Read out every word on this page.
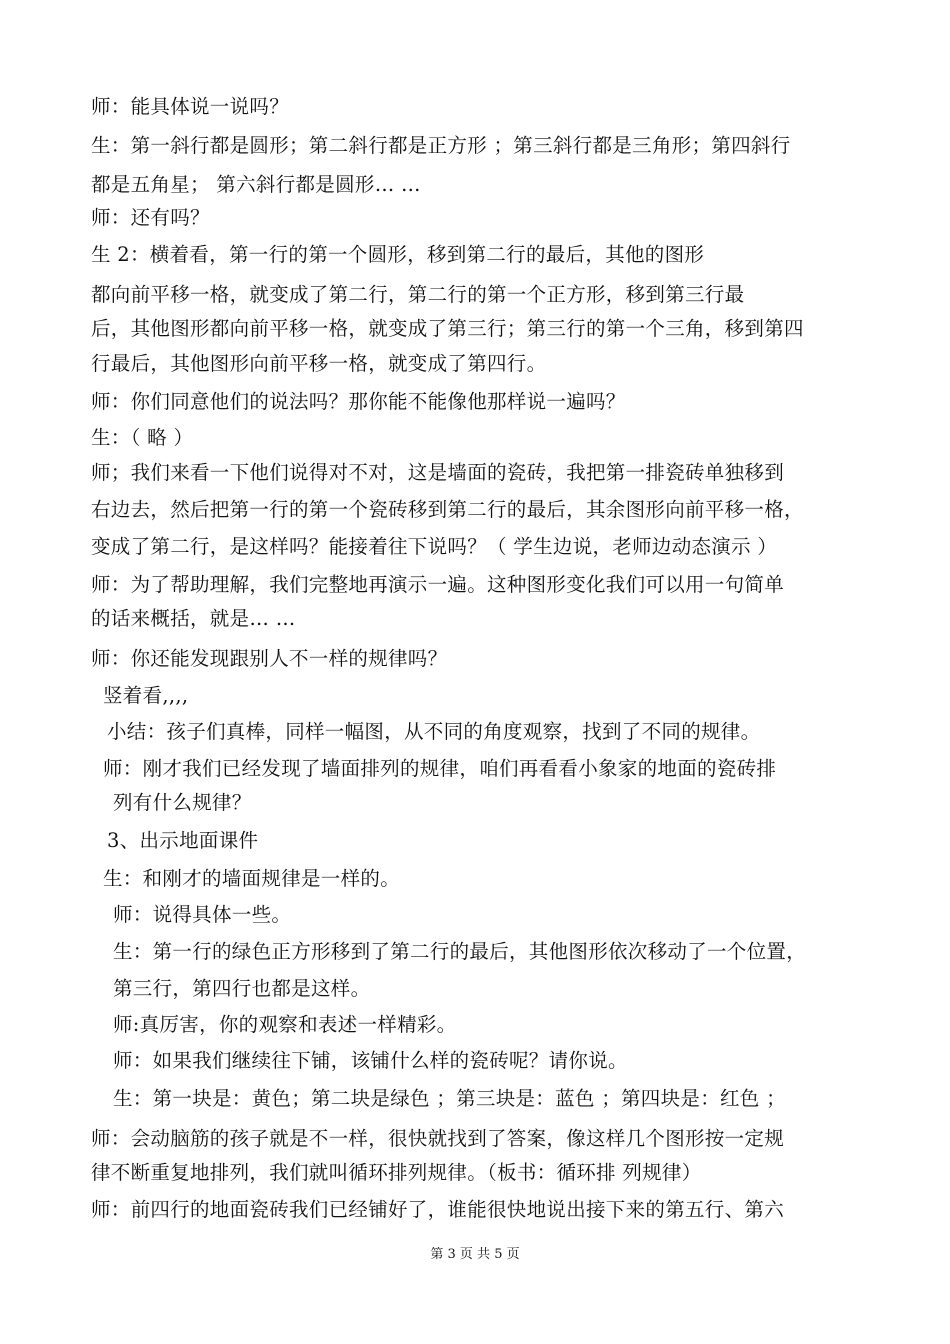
师：能具体说一说吗？
生：第一斜行都是圆形；第二斜行都是正方形 ；第三斜行都是三角形；第四斜行
都是五角星； 第六斜行都是圆形… …
师：还有吗？
生 2：横着看，第一行的第一个圆形，移到第二行的最后，其他的图形
都向前平移一格，就变成了第二行，第二行的第一个正方形，移到第三行最
后，其他图形都向前平移一格，就变成了第三行；第三行的第一个三角，移到第四
行最后，其他图形向前平移一格，就变成了第四行。
师：你们同意他们的说法吗？那你能不能像他那样说一遍吗？
生：（ 略 ）
师；我们来看一下他们说得对不对，这是墙面的瓷砖，我把第一排瓷砖单独移到
右边去，然后把第一行的第一个瓷砖移到第二行的最后，其余图形向前平移一格，
变成了第二行，是这样吗？能接着往下说吗？（ 学生边说，老师边动态演示 ）
师：为了帮助理解，我们完整地再演示一遍。这种图形变化我们可以用一句简单
的话来概括，就是… …
师：你还能发现跟别人不一样的规律吗？
竖着看,,,,
小结：孩子们真棒，同样一幅图，从不同的角度观察，找到了不同的规律。
师：刚才我们已经发现了墙面排列的规律，咱们再看看小象家的地面的瓷砖排
列有什么规律？
3、出示地面课件
生：和刚才的墙面规律是一样的。
师：说得具体一些。
生：第一行的绿色正方形移到了第二行的最后，其他图形依次移动了一个位置，
第三行，第四行也都是这样。
师:真厉害，你的观察和表述一样精彩。
师：如果我们继续往下铺，该铺什么样的瓷砖呢？请你说。
生：第一块是：黄色；第二块是绿色 ；第三块是：蓝色 ；第四块是：红色 ；
师：会动脑筋的孩子就是不一样，很快就找到了答案，像这样几个图形按一定规
律不断重复地排列，我们就叫循环排列规律。（板书：循环排 列规律）
师：前四行的地面瓷砖我们已经铺好了，谁能很快地说出接下来的第五行、第六
第 3 页 共 5 页
